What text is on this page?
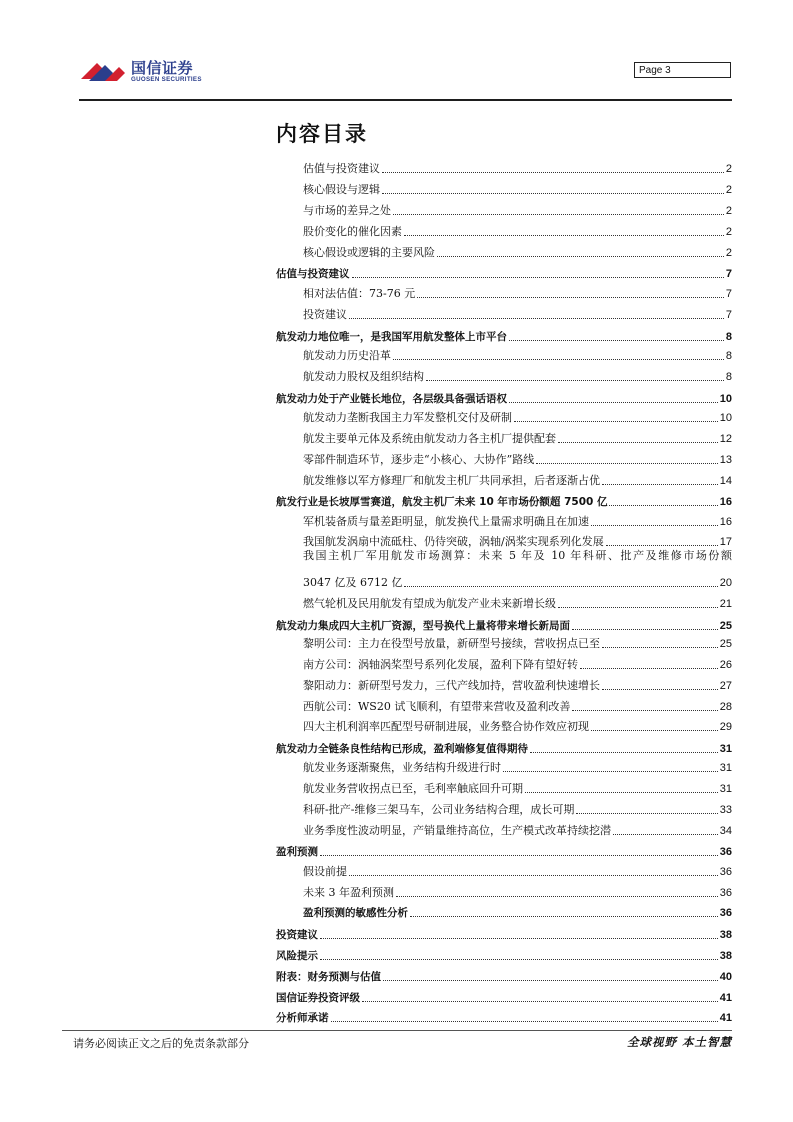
国信证券
GUOSEN SECURITIES
Page 3
内容目录
估值与投资建议	2
核心假设与逻辑	2
与市场的差异之处	2
股价变化的催化因素	2
核心假设或逻辑的主要风险	2
估值与投资建议	7
相对法估值：73-76 元	7
投资建议	7
航发动力地位唯一，是我国军用航发整体上市平台	8
航发动力历史沿革	8
航发动力股权及组织结构	8
航发动力处于产业链长地位，各层级具备强话语权	10
航发动力垄断我国主力军发整机交付及研制	10
航发主要单元体及系统由航发动力各主机厂提供配套	12
零部件制造环节，逐步走“小核心、大协作”路线	13
航发维修以军方修理厂和航发主机厂共同承担，后者逐渐占优	14
航发行业是长坡厚雪赛道，航发主机厂未来 10 年市场份额超 7500 亿	16
军机装备质与量差距明显，航发换代上量需求明确且在加速	16
我国航发涡扇中流砥柱、仍待突破，涡轴/涡桨实现系列化发展	17
我国主机厂军用航发市场测算：未来 5 年及 10 年科研、批产及维修市场份额
3047 亿及 6712 亿	20
燃气轮机及民用航发有望成为航发产业未来新增长级	21
航发动力集成四大主机厂资源，型号换代上量将带来增长新局面	25
黎明公司：主力在役型号放量，新研型号接续，营收拐点已至	25
南方公司：涡轴涡桨型号系列化发展，盈利下降有望好转	26
黎阳动力：新研型号发力，三代产线加持，营收盈利快速增长	27
西航公司：WS20 试飞顺利，有望带来营收及盈利改善	28
四大主机利润率匹配型号研制进展，业务整合协作效应初现	29
航发动力全链条良性结构已形成，盈利端修复值得期待	31
航发业务逐渐聚焦，业务结构升级进行时	31
航发业务营收拐点已至，毛利率触底回升可期	31
科研-批产-维修三架马车，公司业务结构合理，成长可期	33
业务季度性波动明显，产销量维持高位，生产模式改革持续挖潜	34
盈利预测	36
假设前提	36
未来 3 年盈利预测	36
盈利预测的敏感性分析	36
投资建议	38
风险提示	38
附表：财务预测与估值	40
国信证券投资评级	41
分析师承诺	41
请务必阅读正文之后的免责条款部分	全球视野 本土智慧
